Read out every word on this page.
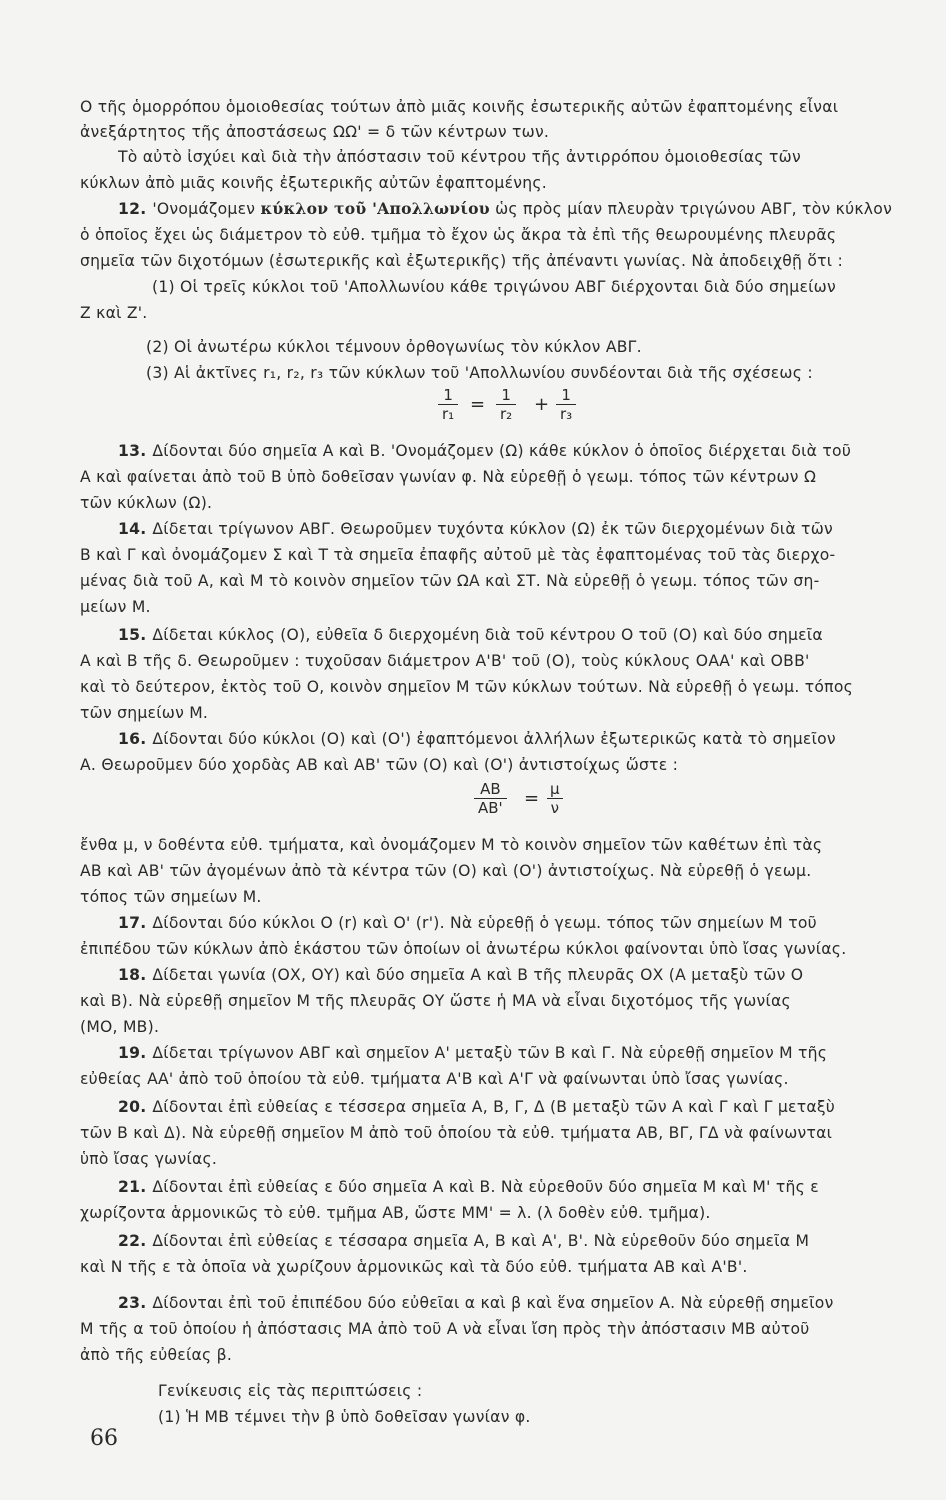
Ο τῆς ὁμορρόπου ὁμοιοθεσίας τούτων ἀπὸ μιᾶς κοινῆς ἐσωτερικῆς αὐτῶν ἐφαπτομένης εἶναι
ἀνεξάρτητος τῆς ἀποστάσεως ΩΩ' = δ τῶν κέντρων των.
Τὸ αὐτὸ ἰσχύει καὶ διὰ τὴν ἀπόστασιν τοῦ κέντρου τῆς ἀντιρρόπου ὁμοιοθεσίας τῶν
κύκλων ἀπὸ μιᾶς κοινῆς ἐξωτερικῆς αὐτῶν ἐφαπτομένης.
12. 'Ονομάζομεν κύκλον τοῦ 'Απολλωνίου ὡς πρὸς μίαν πλευρὰν τριγώνου ΑΒΓ, τὸν κύκλον
ὁ ὁποῖος ἔχει ὡς διάμετρον τὸ εὐθ. τμῆμα τὸ ἔχον ὡς ἄκρα τὰ ἐπὶ τῆς θεωρουμένης πλευρᾶς
σημεῖα τῶν διχοτόμων (ἐσωτερικῆς καὶ ἐξωτερικῆς) τῆς ἀπέναντι γωνίας. Νὰ ἀποδειχθῇ ὅτι :
(1) Οἱ τρεῖς κύκλοι τοῦ 'Απολλωνίου κάθε τριγώνου ΑΒΓ διέρχονται διὰ δύο σημείων
Ζ καὶ Ζ'.
(2) Οἱ ἀνωτέρω κύκλοι τέμνουν ὀρθογωνίως τὸν κύκλον ΑΒΓ.
(3) Αἱ ἀκτῖνες r₁, r₂, r₃ τῶν κύκλων τοῦ 'Απολλωνίου συνδέονται διὰ τῆς σχέσεως :
$\frac{1}{\text{r₁}} = \frac{1}{\text{r₂}} + \frac{1}{\text{r₃}}$
13. Δίδονται δύο σημεῖα Α καὶ Β. 'Ονομάζομεν (Ω) κάθε κύκλον ὁ ὁποῖος διέρχεται διὰ τοῦ
Α καὶ φαίνεται ἀπὸ τοῦ Β ὑπὸ δοθεῖσαν γωνίαν φ. Νὰ εὑρεθῇ ὁ γεωμ. τόπος τῶν κέντρων Ω
τῶν κύκλων (Ω).
14. Δίδεται τρίγωνον ΑΒΓ. Θεωροῦμεν τυχόντα κύκλον (Ω) ἐκ τῶν διερχομένων διὰ τῶν
Β καὶ Γ καὶ ὀνομάζομεν Σ καὶ Τ τὰ σημεῖα ἐπαφῆς αὐτοῦ μὲ τὰς ἐφαπτομένας τοῦ τὰς διερχο-
μένας διὰ τοῦ Α, καὶ Μ τὸ κοινὸν σημεῖον τῶν ΩΑ καὶ ΣΤ. Νὰ εὑρεθῇ ὁ γεωμ. τόπος τῶν ση-
μείων Μ.
15. Δίδεται κύκλος (Ο), εὐθεῖα δ διερχομένη διὰ τοῦ κέντρου Ο τοῦ (Ο) καὶ δύο σημεῖα
Α καὶ Β τῆς δ. Θεωροῦμεν : τυχοῦσαν διάμετρον Α'Β' τοῦ (Ο), τοὺς κύκλους ΟΑΑ' καὶ ΟΒΒ'
καὶ τὸ δεύτερον, ἐκτὸς τοῦ Ο, κοινὸν σημεῖον Μ τῶν κύκλων τούτων. Νὰ εὑρεθῇ ὁ γεωμ. τόπος
τῶν σημείων Μ.
16. Δίδονται δύο κύκλοι (Ο) καὶ (Ο') ἐφαπτόμενοι ἀλλήλων ἐξωτερικῶς κατὰ τὸ σημεῖον
Α. Θεωροῦμεν δύο χορδὰς ΑΒ καὶ ΑΒ' τῶν (Ο) καὶ (Ο') ἀντιστοίχως ὥστε :
$\frac{AB}{AB'} = \frac{\mu}{\nu}$
ἔνθα μ, ν δοθέντα εὐθ. τμήματα, καὶ ὀνομάζομεν Μ τὸ κοινὸν σημεῖον τῶν καθέτων ἐπὶ τὰς
ΑΒ καὶ ΑΒ' τῶν ἀγομένων ἀπὸ τὰ κέντρα τῶν (Ο) καὶ (Ο') ἀντιστοίχως. Νὰ εὑρεθῇ ὁ γεωμ.
τόπος τῶν σημείων Μ.
17. Δίδονται δύο κύκλοι Ο (r) καὶ Ο' (r'). Νὰ εὑρεθῇ ὁ γεωμ. τόπος τῶν σημείων Μ τοῦ
ἐπιπέδου τῶν κύκλων ἀπὸ ἑκάστου τῶν ὁποίων οἱ ἀνωτέρω κύκλοι φαίνονται ὑπὸ ἴσας γωνίας.
18. Δίδεται γωνία (ΟΧ, ΟΥ) καὶ δύο σημεῖα Α καὶ Β τῆς πλευρᾶς ΟΧ (Α μεταξὺ τῶν Ο
καὶ Β). Νὰ εὑρεθῇ σημεῖον Μ τῆς πλευρᾶς ΟΥ ὥστε ἡ ΜΑ νὰ εἶναι διχοτόμος τῆς γωνίας
(ΜΟ, ΜΒ).
19. Δίδεται τρίγωνον ΑΒΓ καὶ σημεῖον Α' μεταξὺ τῶν Β καὶ Γ. Νὰ εὑρεθῇ σημεῖον Μ τῆς
εὐθείας ΑΑ' ἀπὸ τοῦ ὁποίου τὰ εὐθ. τμήματα Α'Β καὶ Α'Γ νὰ φαίνωνται ὑπὸ ἴσας γωνίας.
20. Δίδονται ἐπὶ εὐθείας ε τέσσερα σημεῖα Α, Β, Γ, Δ (Β μεταξὺ τῶν Α καὶ Γ καὶ Γ μεταξὺ
τῶν Β καὶ Δ). Νὰ εὑρεθῇ σημεῖον Μ ἀπὸ τοῦ ὁποίου τὰ εὐθ. τμήματα ΑΒ, ΒΓ, ΓΔ νὰ φαίνωνται
ὑπὸ ἴσας γωνίας.
21. Δίδονται ἐπὶ εὐθείας ε δύο σημεῖα Α καὶ Β. Νὰ εὑρεθοῦν δύο σημεῖα Μ καὶ Μ' τῆς ε
χωρίζοντα ἁρμονικῶς τὸ εὐθ. τμῆμα ΑΒ, ὥστε ΜΜ' = λ. (λ δοθὲν εὐθ. τμῆμα).
22. Δίδονται ἐπὶ εὐθείας ε τέσσαρα σημεῖα Α, Β καὶ Α', Β'. Νὰ εὑρεθοῦν δύο σημεῖα Μ
καὶ Ν τῆς ε τὰ ὁποῖα νὰ χωρίζουν ἁρμονικῶς καὶ τὰ δύο εὐθ. τμήματα ΑΒ καὶ Α'Β'.
23. Δίδονται ἐπὶ τοῦ ἐπιπέδου δύο εὐθεῖαι α καὶ β καὶ ἕνα σημεῖον Α. Νὰ εὑρεθῇ σημεῖον
Μ τῆς α τοῦ ὁποίου ἡ ἀπόστασις ΜΑ ἀπὸ τοῦ Α νὰ εἶναι ἴση πρὸς τὴν ἀπόστασιν ΜΒ αὐτοῦ
ἀπὸ τῆς εὐθείας β.
Γενίκευσις εἰς τὰς περιπτώσεις :
(1) Ἡ ΜΒ τέμνει τὴν β ὑπὸ δοθεῖσαν γωνίαν φ.
66
